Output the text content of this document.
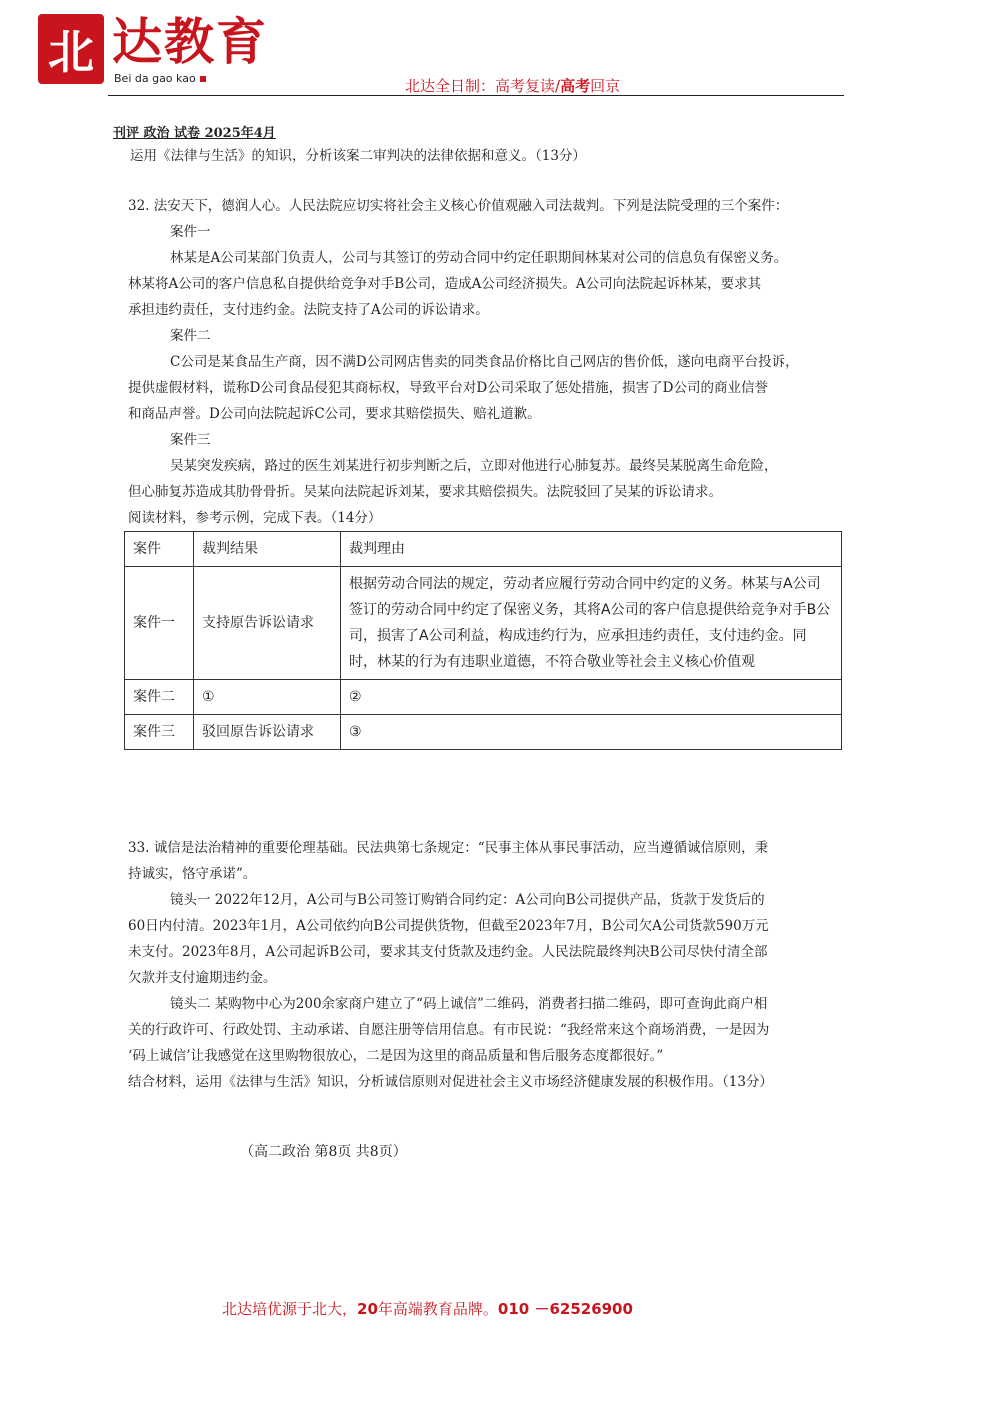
北 达教育
Bei da gao kao	北达全日制：高考复读/高考回京
刊评 政治 试卷 2025年4月

运用《法律与生活》的知识，分析该案二审判决的法律依据和意义。（13分）

32. 法安天下，德润人心。人民法院应切实将社会主义核心价值观融入司法裁判。下列是法院受理的三个案件：

案件一

林某是A公司某部门负责人，公司与其签订的劳动合同中约定任职期间林某对公司的信息负有保密义务。

林某将A公司的客户信息私自提供给竞争对手B公司，造成A公司经济损失。A公司向法院起诉林某，要求其

承担违约责任，支付违约金。法院支持了A公司的诉讼请求。

案件二

C公司是某食品生产商，因不满D公司网店售卖的同类食品价格比自己网店的售价低，遂向电商平台投诉，

提供虚假材料，谎称D公司食品侵犯其商标权，导致平台对D公司采取了惩处措施，损害了D公司的商业信誉

和商品声誉。D公司向法院起诉C公司，要求其赔偿损失、赔礼道歉。

案件三

吴某突发疾病，路过的医生刘某进行初步判断之后，立即对他进行心肺复苏。最终吴某脱离生命危险，

但心肺复苏造成其肋骨骨折。吴某向法院起诉刘某，要求其赔偿损失。法院驳回了吴某的诉讼请求。

阅读材料，参考示例，完成下表。（14分）

案件	裁判结果	裁判理由
案件一	支持原告诉讼请求	根据劳动合同法的规定，劳动者应履行劳动合同中约定的义务。林某与A公司签订的劳动合同中约定了保密义务，其将A公司的客户信息提供给竞争对手B公司，损害了A公司利益，构成违约行为，应承担违约责任，支付违约金。同时，林某的行为有违职业道德，不符合敬业等社会主义核心价值观
案件二	①	②
案件三	驳回原告诉讼请求	③

33. 诚信是法治精神的重要伦理基础。民法典第七条规定：“民事主体从事民事活动，应当遵循诚信原则，秉

持诚实，恪守承诺”。

镜头一 2022年12月，A公司与B公司签订购销合同约定：A公司向B公司提供产品，货款于发货后的

60日内付清。2023年1月，A公司依约向B公司提供货物，但截至2023年7月，B公司欠A公司货款590万元

未支付。2023年8月，A公司起诉B公司，要求其支付货款及违约金。人民法院最终判决B公司尽快付清全部

欠款并支付逾期违约金。

镜头二 某购物中心为200余家商户建立了“码上诚信”二维码，消费者扫描二维码，即可查询此商户相

关的行政许可、行政处罚、主动承诺、自愿注册等信用信息。有市民说：“我经常来这个商场消费，一是因为

‘码上诚信’让我感觉在这里购物很放心，二是因为这里的商品质量和售后服务态度都很好。”

结合材料，运用《法律与生活》知识，分析诚信原则对促进社会主义市场经济健康发展的积极作用。（13分）

（高二政治 第8页 共8页）
北达培优源于北大，20年高端教育品牌。010 －62526900
